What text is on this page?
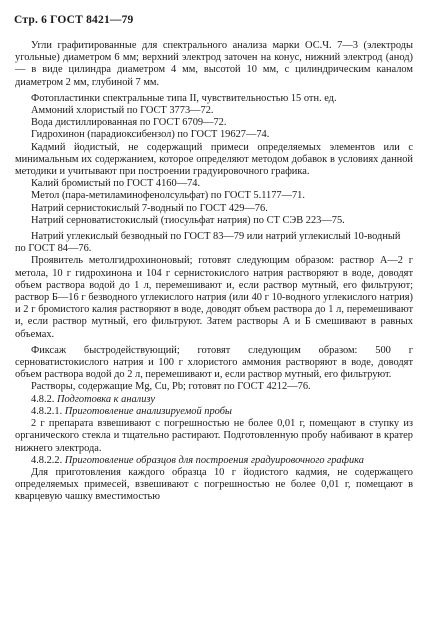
Стр. 6 ГОСТ 8421—79

Угли графитированные для спектрального анализа марки ОС.Ч. 7—3 (электроды угольные) диаметром 6 мм; верхний электрод заточен на конус, нижний электрод (анод) — в виде цилиндра диаметром 4 мм, высотой 10 мм, с цилиндрическим каналом диаметром 2 мм, глубиной 7 мм.

Фотопластинки спектральные типа II, чувствительностью 15 отн. ед.

Аммоний хлористый по ГОСТ 3773—72.

Вода дистиллированная по ГОСТ 6709—72.

Гидрохинон (парадиоксибензол) по ГОСТ 19627—74.

Кадмий йодистый, не содержащий примеси определяемых элементов или с минимальным их содержанием, которое определяют методом добавок в условиях данной методики и учитывают при построении градуировочного графика.

Калий бромистый по ГОСТ 4160—74.

Метол (пара-метиламинофенолсульфат) по ГОСТ 5.1177—71.

Натрий сернистокислый 7-водный по ГОСТ 429—76.

Натрий серноватистокислый (тиосульфат натрия) по СТ СЭВ 223—75.

Натрий углекислый безводный по ГОСТ 83—79 или натрий углекислый 10-водный по ГОСТ 84—76.

Проявитель метолгидрохиноновый; готовят следующим образом: раствор А—2 г метола, 10 г гидрохинона и 104 г сернистокислого натрия растворяют в воде, доводят объем раствора водой до 1 л, перемешивают и, если раствор мутный, его фильтруют; раствор Б—16 г безводного углекислого натрия (или 40 г 10-водного углекислого натрия) и 2 г бромистого калия растворяют в воде, доводят объем раствора до 1 л, перемешивают и, если раствор мутный, его фильтруют. Затем растворы А и Б смешивают в равных объемах.

Фиксаж быстродействующий; готовят следующим образом: 500 г серноватистокислого натрия и 100 г хлористого аммония растворяют в воде, доводят объем раствора водой до 2 л, перемешивают и, если раствор мутный, его фильтруют.

Растворы, содержащие Mg, Cu, Pb; готовят по ГОСТ 4212—76.

4.8.2. Подготовка к анализу

4.8.2.1. Приготовление анализируемой пробы

2 г препарата взвешивают с погрешностью не более 0,01 г, помещают в ступку из органического стекла и тщательно растирают. Подготовленную пробу набивают в кратер нижнего электрода.

4.8.2.2. Приготовление образцов для построения градуировочного графика

Для приготовления каждого образца 10 г йодистого кадмия, не содержащего определяемых примесей, взвешивают с погрешностью не более 0,01 г, помещают в кварцевую чашку вместимостью
